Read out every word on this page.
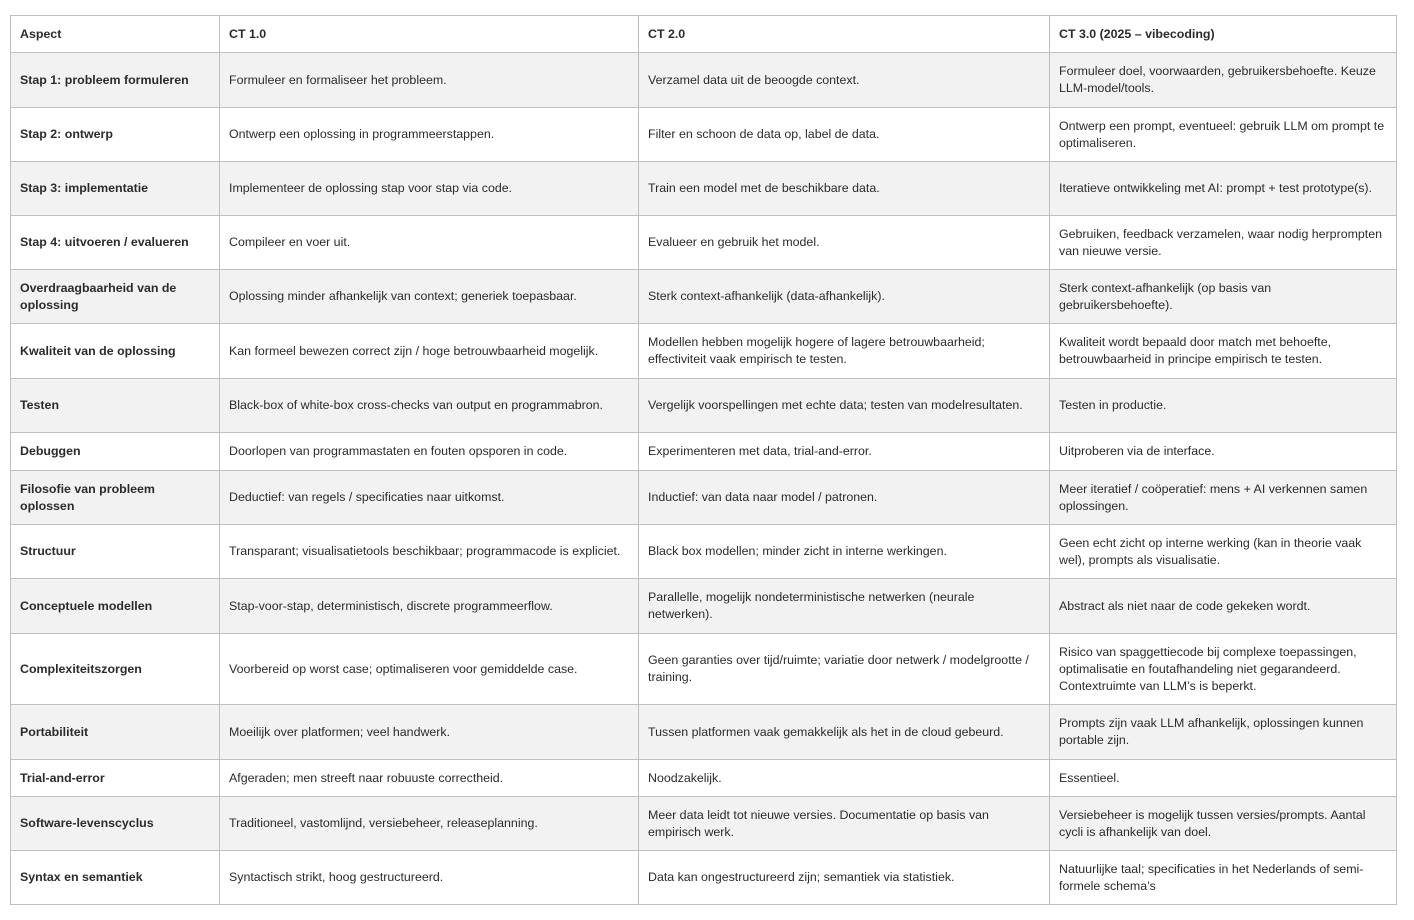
Aspect	CT 1.0	CT 2.0	CT 3.0 (2025 – vibecoding)
Stap 1: probleem formuleren	Formuleer en formaliseer het probleem.	Verzamel data uit de beoogde context.	Formuleer doel, voorwaarden, gebruikersbehoefte. Keuze LLM-model/tools.
Stap 2: ontwerp	Ontwerp een oplossing in programmeerstappen.	Filter en schoon de data op, label de data.	Ontwerp een prompt, eventueel: gebruik LLM om prompt te optimaliseren.
Stap 3: implementatie	Implementeer de oplossing stap voor stap via code.	Train een model met de beschikbare data.	Iteratieve ontwikkeling met AI: prompt + test prototype(s).
Stap 4: uitvoeren / evalueren	Compileer en voer uit.	Evalueer en gebruik het model.	Gebruiken, feedback verzamelen, waar nodig herprompten van nieuwe versie.
Overdraagbaarheid van de oplossing	Oplossing minder afhankelijk van context; generiek toepasbaar.	Sterk context-afhankelijk (data-afhankelijk).	Sterk context-afhankelijk (op basis van gebruikersbehoefte).
Kwaliteit van de oplossing	Kan formeel bewezen correct zijn / hoge betrouwbaarheid mogelijk.	Modellen hebben mogelijk hogere of lagere betrouwbaarheid; effectiviteit vaak empirisch te testen.	Kwaliteit wordt bepaald door match met behoefte, betrouwbaarheid in principe empirisch te testen.
Testen	Black-box of white-box cross-checks van output en programmabron.	Vergelijk voorspellingen met echte data; testen van modelresultaten.	Testen in productie.
Debuggen	Doorlopen van programmastaten en fouten opsporen in code.	Experimenteren met data, trial-and-error.	Uitproberen via de interface.
Filosofie van probleem oplossen	Deductief: van regels / specificaties naar uitkomst.	Inductief: van data naar model / patronen.	Meer iteratief / coöperatief: mens + AI verkennen samen oplossingen.
Structuur	Transparant; visualisatietools beschikbaar; programmacode is expliciet.	Black box modellen; minder zicht in interne werkingen.	Geen echt zicht op interne werking (kan in theorie vaak wel), prompts als visualisatie.
Conceptuele modellen	Stap-voor-stap, deterministisch, discrete programmeerflow.	Parallelle, mogelijk nondeterministische netwerken (neurale netwerken).	Abstract als niet naar de code gekeken wordt.
Complexiteitszorgen	Voorbereid op worst case; optimaliseren voor gemiddelde case.	Geen garanties over tijd/ruimte; variatie door netwerk / modelgrootte / training.	Risico van spaggettiecode bij complexe toepassingen, optimalisatie en foutafhandeling niet gegarandeerd. Contextruimte van LLM’s is beperkt.
Portabiliteit	Moeilijk over platformen; veel handwerk.	Tussen platformen vaak gemakkelijk als het in de cloud gebeurd.	Prompts zijn vaak LLM afhankelijk, oplossingen kunnen portable zijn.
Trial-and-error	Afgeraden; men streeft naar robuuste correctheid.	Noodzakelijk.	Essentieel.
Software-levenscyclus	Traditioneel, vastomlijnd, versiebeheer, releaseplanning.	Meer data leidt tot nieuwe versies. Documentatie op basis van empirisch werk.	Versiebeheer is mogelijk tussen versies/prompts. Aantal cycli is afhankelijk van doel.
Syntax en semantiek	Syntactisch strikt, hoog gestructureerd.	Data kan ongestructureerd zijn; semantiek via statistiek.	Natuurlijke taal; specificaties in het Nederlands of semi-formele schema’s
